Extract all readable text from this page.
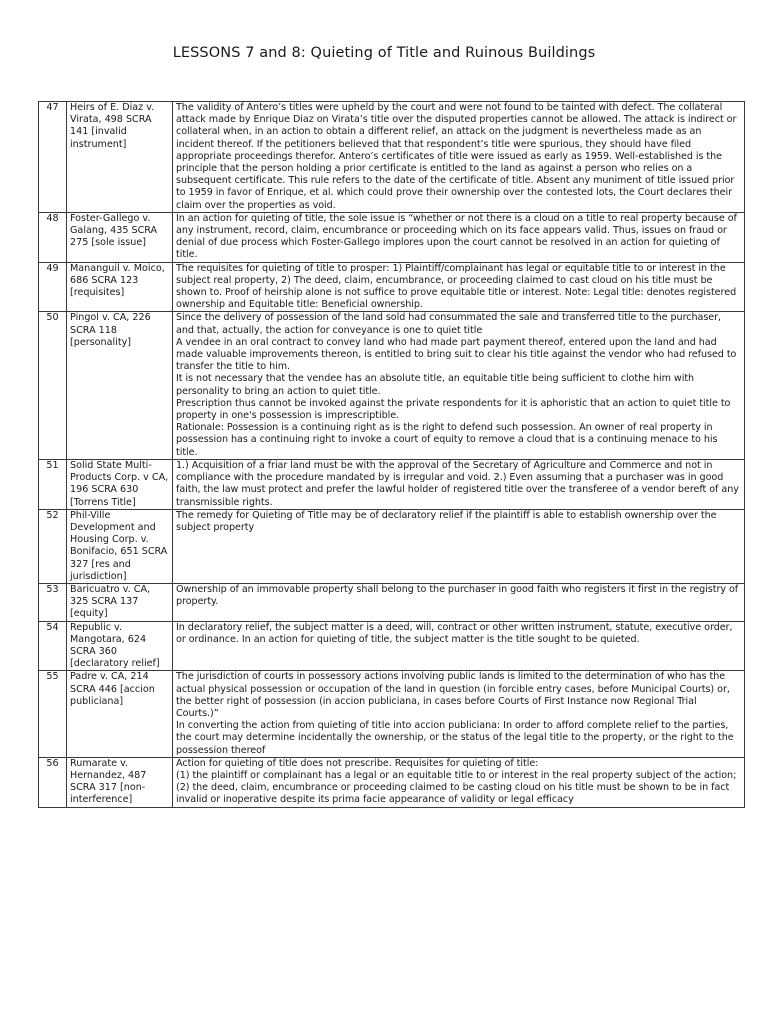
LESSONS 7 and 8: Quieting of Title and Ruinous Buildings
47	Heirs of E. Diaz v. Virata, 498 SCRA 141 [invalid instrument]	The validity of Antero’s titles were upheld by the court and were not found to be tainted with defect. The collateral attack made by Enrique Diaz on Virata’s title over the disputed properties cannot be allowed. The attack is indirect or collateral when, in an action to obtain a different relief, an attack on the judgment is nevertheless made as an incident thereof. If the petitioners believed that that respondent’s title were spurious, they should have filed appropriate proceedings therefor. Antero’s certificates of title were issued as early as 1959. Well-established is the principle that the person holding a prior certificate is entitled to the land as against a person who relies on a subsequent certificate. This rule refers to the date of the certificate of title. Absent any muniment of title issued prior to 1959 in favor of Enrique, et al. which could prove their ownership over the contested lots, the Court declares their claim over the properties as void.

48	Foster-Gallego v. Galang, 435 SCRA 275 [sole issue]	In an action for quieting of title, the sole issue is “whether or not there is a cloud on a title to real property because of any instrument, record, claim, encumbrance or proceeding which on its face appears valid. Thus, issues on fraud or denial of due process which Foster-Gallego implores upon the court cannot be resolved in an action for quieting of title.

49	Mananguil v. Moico, 686 SCRA 123 [requisites]	The requisites for quieting of title to prosper: 1) Plaintiff/complainant has legal or equitable title to or interest in the subject real property, 2) The deed, claim, encumbrance, or proceeding claimed to cast cloud on his title must be
shown to. Proof of heirship alone is not suffice to prove equitable title or interest. Note: Legal title: denotes registered ownership and Equitable title: Beneficial ownership.

50	Pingol v. CA, 226 SCRA 118 [personality]	Since the delivery of possession of the land sold had consummated the sale and transferred title to the purchaser, and that, actually, the action for conveyance is one to quiet title
A vendee in an oral contract to convey land who had made part payment thereof, entered upon the land and had made valuable improvements thereon, is entitled to bring suit to clear his title against the vendor who had refused to transfer the title to him.
It is not necessary that the vendee has an absolute title, an equitable title being sufficient to clothe him with personality to bring an action to quiet title.
Prescription thus cannot be invoked against the private respondents for it is aphoristic that an action to quiet title to property in one's possession is imprescriptible.
Rationale: Possession is a continuing right as is the right to defend such possession. An owner of real property in possession has a continuing right to invoke a court of equity to remove a cloud that is a continuing menace to his title.

51	Solid State Multi-Products Corp. v CA, 196 SCRA 630 [Torrens Title]	1.) Acquisition of a friar land must be with the approval of the Secretary of Agriculture and Commerce and not in compliance with the procedure mandated by is irregular and void. 2.) Even assuming that a purchaser was in good faith, the law must protect and prefer the lawful holder of registered title over the transferee of a vendor bereft of any transmissible rights.

52	Phil-Ville Development and Housing Corp. v. Bonifacio, 651 SCRA 327 [res and jurisdiction]	The remedy for Quieting of Title may be of declaratory relief if the plaintiff is able to establish ownership over the subject property

53	Baricuatro v. CA, 325 SCRA 137 [equity]	Ownership of an immovable property shall belong to the purchaser in good faith who registers it first in the registry of property.

54	Republic v. Mangotara, 624 SCRA 360 [declaratory relief]	In declaratory relief, the subject matter is a deed, will, contract or other written instrument, statute, executive order, or ordinance. In an action for quieting of title, the subject matter is the title sought to be quieted.

55	Padre v. CA, 214 SCRA 446 [accion publiciana]	The jurisdiction of courts in possessory actions involving public lands is limited to the determination of who has the actual physical possession or occupation of the land in question (in forcible entry cases, before Municipal Courts) or, the better right of possession (in accion publiciana, in cases before Courts of First Instance now Regional Trial Courts.)”
In converting the action from quieting of title into accion publiciana: In order to afford complete relief to the parties, the court may determine incidentally the ownership, or the status of the legal title to the property, or the right to the possession thereof

56	Rumarate v. Hernandez, 487 SCRA 317 [non-interference]	Action for quieting of title does not prescribe. Requisites for quieting of title:
(1) the plaintiff or complainant has a legal or an equitable title to or interest in the real property subject of the action;
(2) the deed, claim, encumbrance or proceeding claimed to be casting cloud on his title must be shown to be in fact invalid or inoperative despite its prima facie appearance of validity or legal efficacy
